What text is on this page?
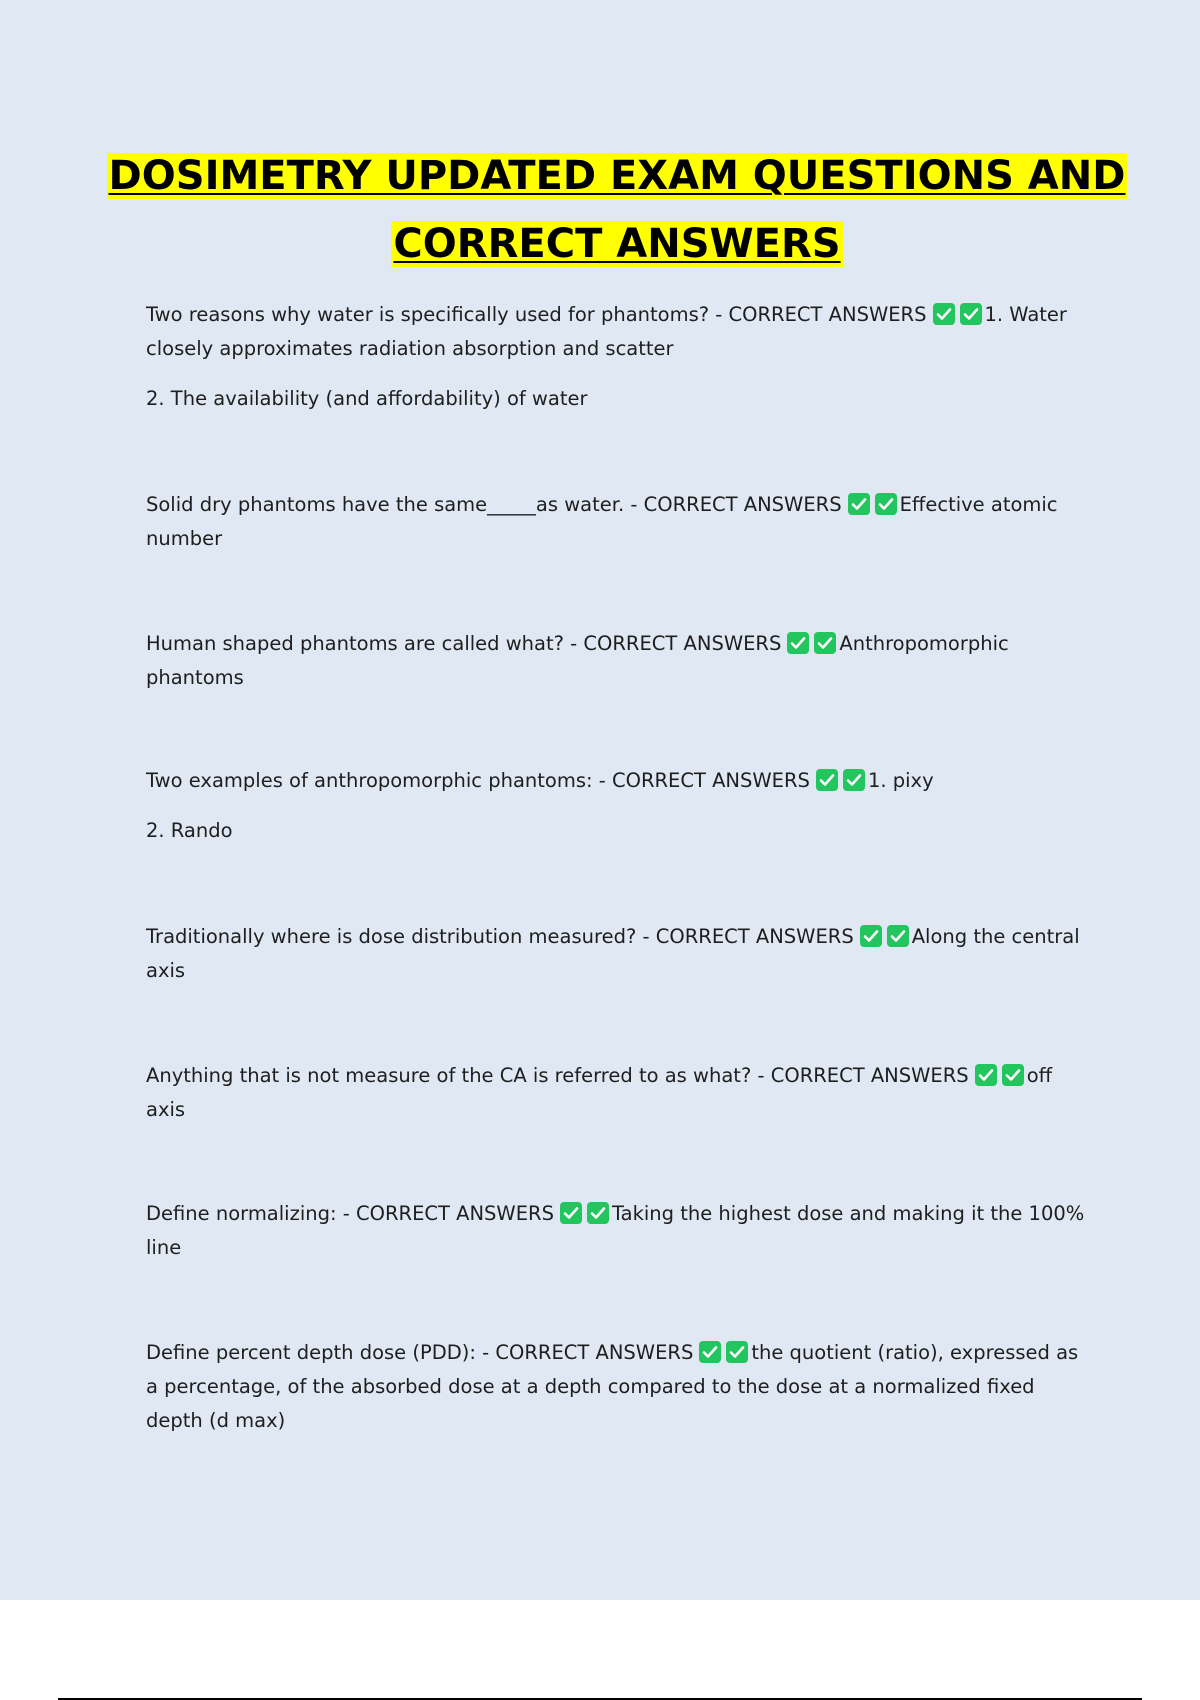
DOSIMETRY UPDATED EXAM QUESTIONS AND
CORRECT ANSWERS

Two reasons why water is specifically used for phantoms? - CORRECT ANSWERS	1. Water closely approximates radiation absorption and scatter

2. The availability (and affordability) of water

Solid dry phantoms have the same_____as water. - CORRECT ANSWERS	Effective atomic number

Human shaped phantoms are called what? - CORRECT ANSWERS	Anthropomorphic phantoms

Two examples of anthropomorphic phantoms: - CORRECT ANSWERS	1. pixy

2. Rando

Traditionally where is dose distribution measured? - CORRECT ANSWERS	Along the central axis

Anything that is not measure of the CA is referred to as what? - CORRECT ANSWERS	off axis

Define normalizing: - CORRECT ANSWERS	Taking the highest dose and making it the 100% line

Define percent depth dose (PDD): - CORRECT ANSWERS	the quotient (ratio), expressed as a percentage, of the absorbed dose at a depth compared to the dose at a normalized fixed depth (d max)
